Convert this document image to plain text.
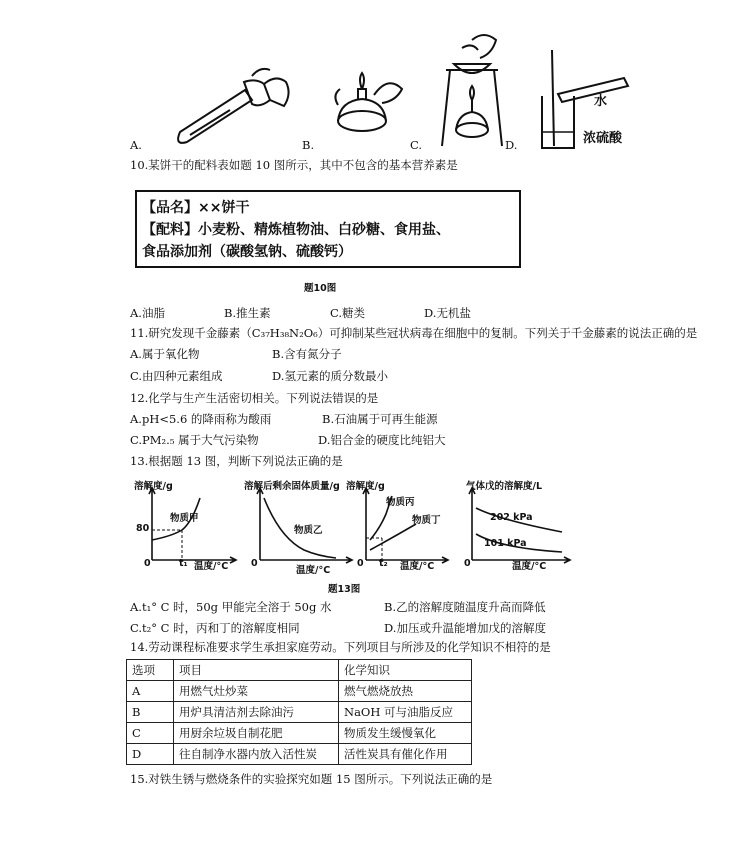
水
浓硫酸
A.	B.	C.	D.
10.某饼干的配料表如题 10 图所示，其中不包含的基本营养素是
【品名】××饼干
【配料】小麦粉、精炼植物油、白砂糖、食用盐、
食品添加剂（碳酸氢钠、硫酸钙）
题10图
A.油脂	B.推生素	C.糖类	D.无机盐
11.研究发现千金藤素（C₃₇H₃₈N₂O₆）可抑制某些冠状病毒在细胞中的复制。下列关于千金藤素的说法正确的是
A.属于氧化物	B.含有氮分子
C.由四种元素组成	D.氢元素的质分数最小
12.化学与生产生活密切相关。下列说法错误的是
A.pH<5.6 的降雨称为酸雨	B.石油属于可再生能源
C.PM₂.₅ 属于大气污染物	D.铝合金的硬度比纯铝大
13.根据题 13 图，判断下列说法正确的是
溶解度/g
80
物质甲
0	t₁ 温度/°C
溶解后剩余固体质量/g
物质乙
0
温度/°C
溶解度/g
物质丙
物质丁
0 t₂ 温度/°C
气体戊的溶解度/L
202 kPa
101 kPa
0	温度/°C
题13图
A.t₁° C 时，50g 甲能完全溶于 50g 水	B.乙的溶解度随温度升高而降低
C.t₂° C 时，丙和丁的溶解度相同	D.加压或升温能增加戊的溶解度
14.劳动课程标准要求学生承担家庭劳动。下列项目与所涉及的化学知识不相符的是
选项	项目	化学知识
A	用燃气灶炒菜	燃气燃烧放热
B	用炉具清洁剂去除油污	NaOH 可与油脂反应
C	用厨余垃圾自制花肥	物质发生缓慢氧化
D	往自制净水器内放入活性炭	活性炭具有催化作用
15.对铁生锈与燃烧条件的实验探究如题 15 图所示。下列说法正确的是
